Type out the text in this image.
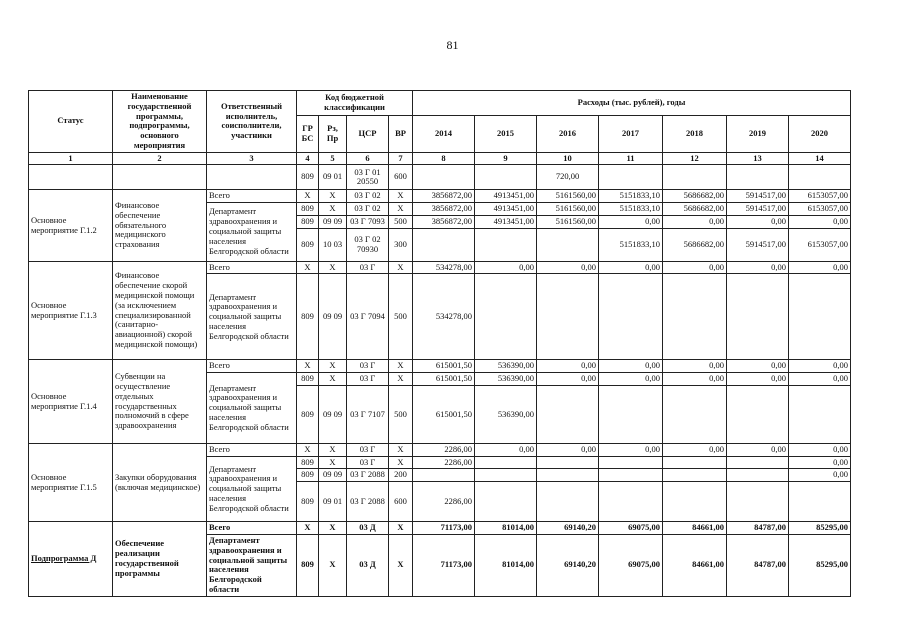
81
Статус	Наименование государственной программы, подпрограммы, основного мероприятия	Ответственный исполнитель, соисполнители, участники	Код бюджетной классификации				Расходы (тыс. рублей), годы						
			ГР БС	Рз, Пр	ЦСР	ВР	2014	2015	2016	2017	2018	2019	2020
1	2	3	4	5	6	7	8	9	10	11	12	13	14
			809	09 01	03 Г 01 20550	600			720,00				
Основное мероприятие Г.1.2	Финансовое обеспечение обязательного медицинского страхования	Всего	X	X	03 Г 02	X	3856872,00	4913451,00	5161560,00	5151833,10	5686682,00	5914517,00	6153057,00
		Департамент здравоохранения и социальной защиты населения Белгородской области	809	X	03 Г 02	X	3856872,00	4913451,00	5161560,00	5151833,10	5686682,00	5914517,00	6153057,00
			809	09 09	03 Г 7093	500	3856872,00	4913451,00	5161560,00	0,00	0,00	0,00	0,00
			809	10 03	03 Г 02 70930	300				5151833,10	5686682,00	5914517,00	6153057,00
Основное мероприятие Г.1.3	Финансовое обеспечение скорой медицинской помощи (за исключением специализированной (санитарно-авиационной) скорой медицинской помощи)	Всего	X	X	03 Г	X	534278,00	0,00	0,00	0,00	0,00	0,00	0,00
		Департамент здравоохранения и социальной защиты населения Белгородской области	809	09 09	03 Г 7094	500	534278,00						
Основное мероприятие Г.1.4	Субвенции на осуществление отдельных государственных полномочий в сфере здравоохранения	Всего	X	X	03 Г	X	615001,50	536390,00	0,00	0,00	0,00	0,00	0,00
		Департамент здравоохранения и социальной защиты населения Белгородской области	809	X	03 Г	X	615001,50	536390,00	0,00	0,00	0,00	0,00	0,00
			809	09 09	03 Г 7107	500	615001,50	536390,00					
Основное мероприятие Г.1.5	Закупки оборудования (включая медицинское)	Всего	X	X	03 Г	X	2286,00	0,00	0,00	0,00	0,00	0,00	0,00
		Департамент здравоохранения и социальной защиты населения Белгородской области	809	X	03 Г	X	2286,00						0,00
			809	09 09	03 Г 2088	200							0,00
			809	09 01	03 Г 2088	600	2286,00						
Подпрограмма Д	Обеспечение реализации государственной программы	Всего	X	X	03 Д	X	71173,00	81014,00	69140,20	69075,00	84661,00	84787,00	85295,00
		Департамент здравоохранения и социальной защиты населения Белгородской области	809	X	03 Д	X	71173,00	81014,00	69140,20	69075,00	84661,00	84787,00	85295,00
